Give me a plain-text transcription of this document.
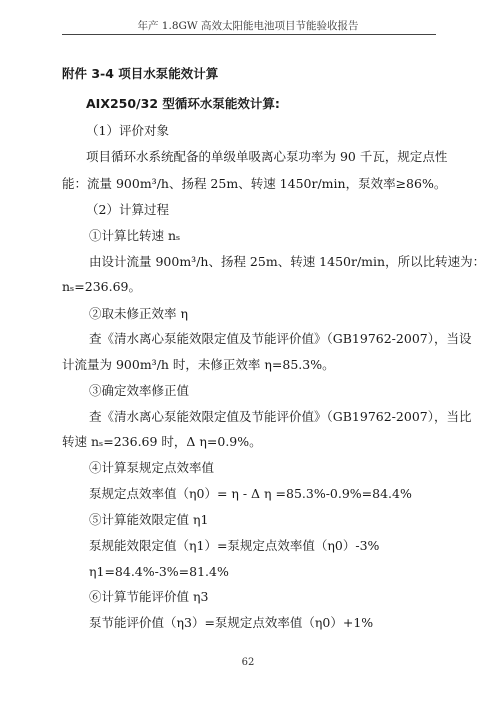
年产 1.8GW 高效太阳能电池项目节能验收报告
附件 3-4 项目水泵能效计算
AIX250/32 型循环水泵能效计算:
（1）评价对象
项目循环水系统配备的单级单吸离心泵功率为 90 千瓦，规定点性
能：流量 900m³/h、扬程 25m、转速 1450r/min，泵效率≥86%。
（2）计算过程
①计算比转速 nₛ
由设计流量 900m³/h、扬程 25m、转速 1450r/min，所以比转速为：
nₛ=236.69。
②取未修正效率 η
查《清水离心泵能效限定值及节能评价值》（GB19762-2007），当设
计流量为 900m³/h 时，未修正效率 η=85.3%。
③确定效率修正值
查《清水离心泵能效限定值及节能评价值》（GB19762-2007），当比
转速 nₛ=236.69 时，Δ η=0.9%。
④计算泵规定点效率值
泵规定点效率值（η0）= η - Δ η =85.3%-0.9%=84.4%
⑤计算能效限定值 η1
泵规能效限定值（η1）=泵规定点效率值（η0）-3%
η1=84.4%-3%=81.4%
⑥计算节能评价值 η3
泵节能评价值（η3）=泵规定点效率值（η0）+1%
62
